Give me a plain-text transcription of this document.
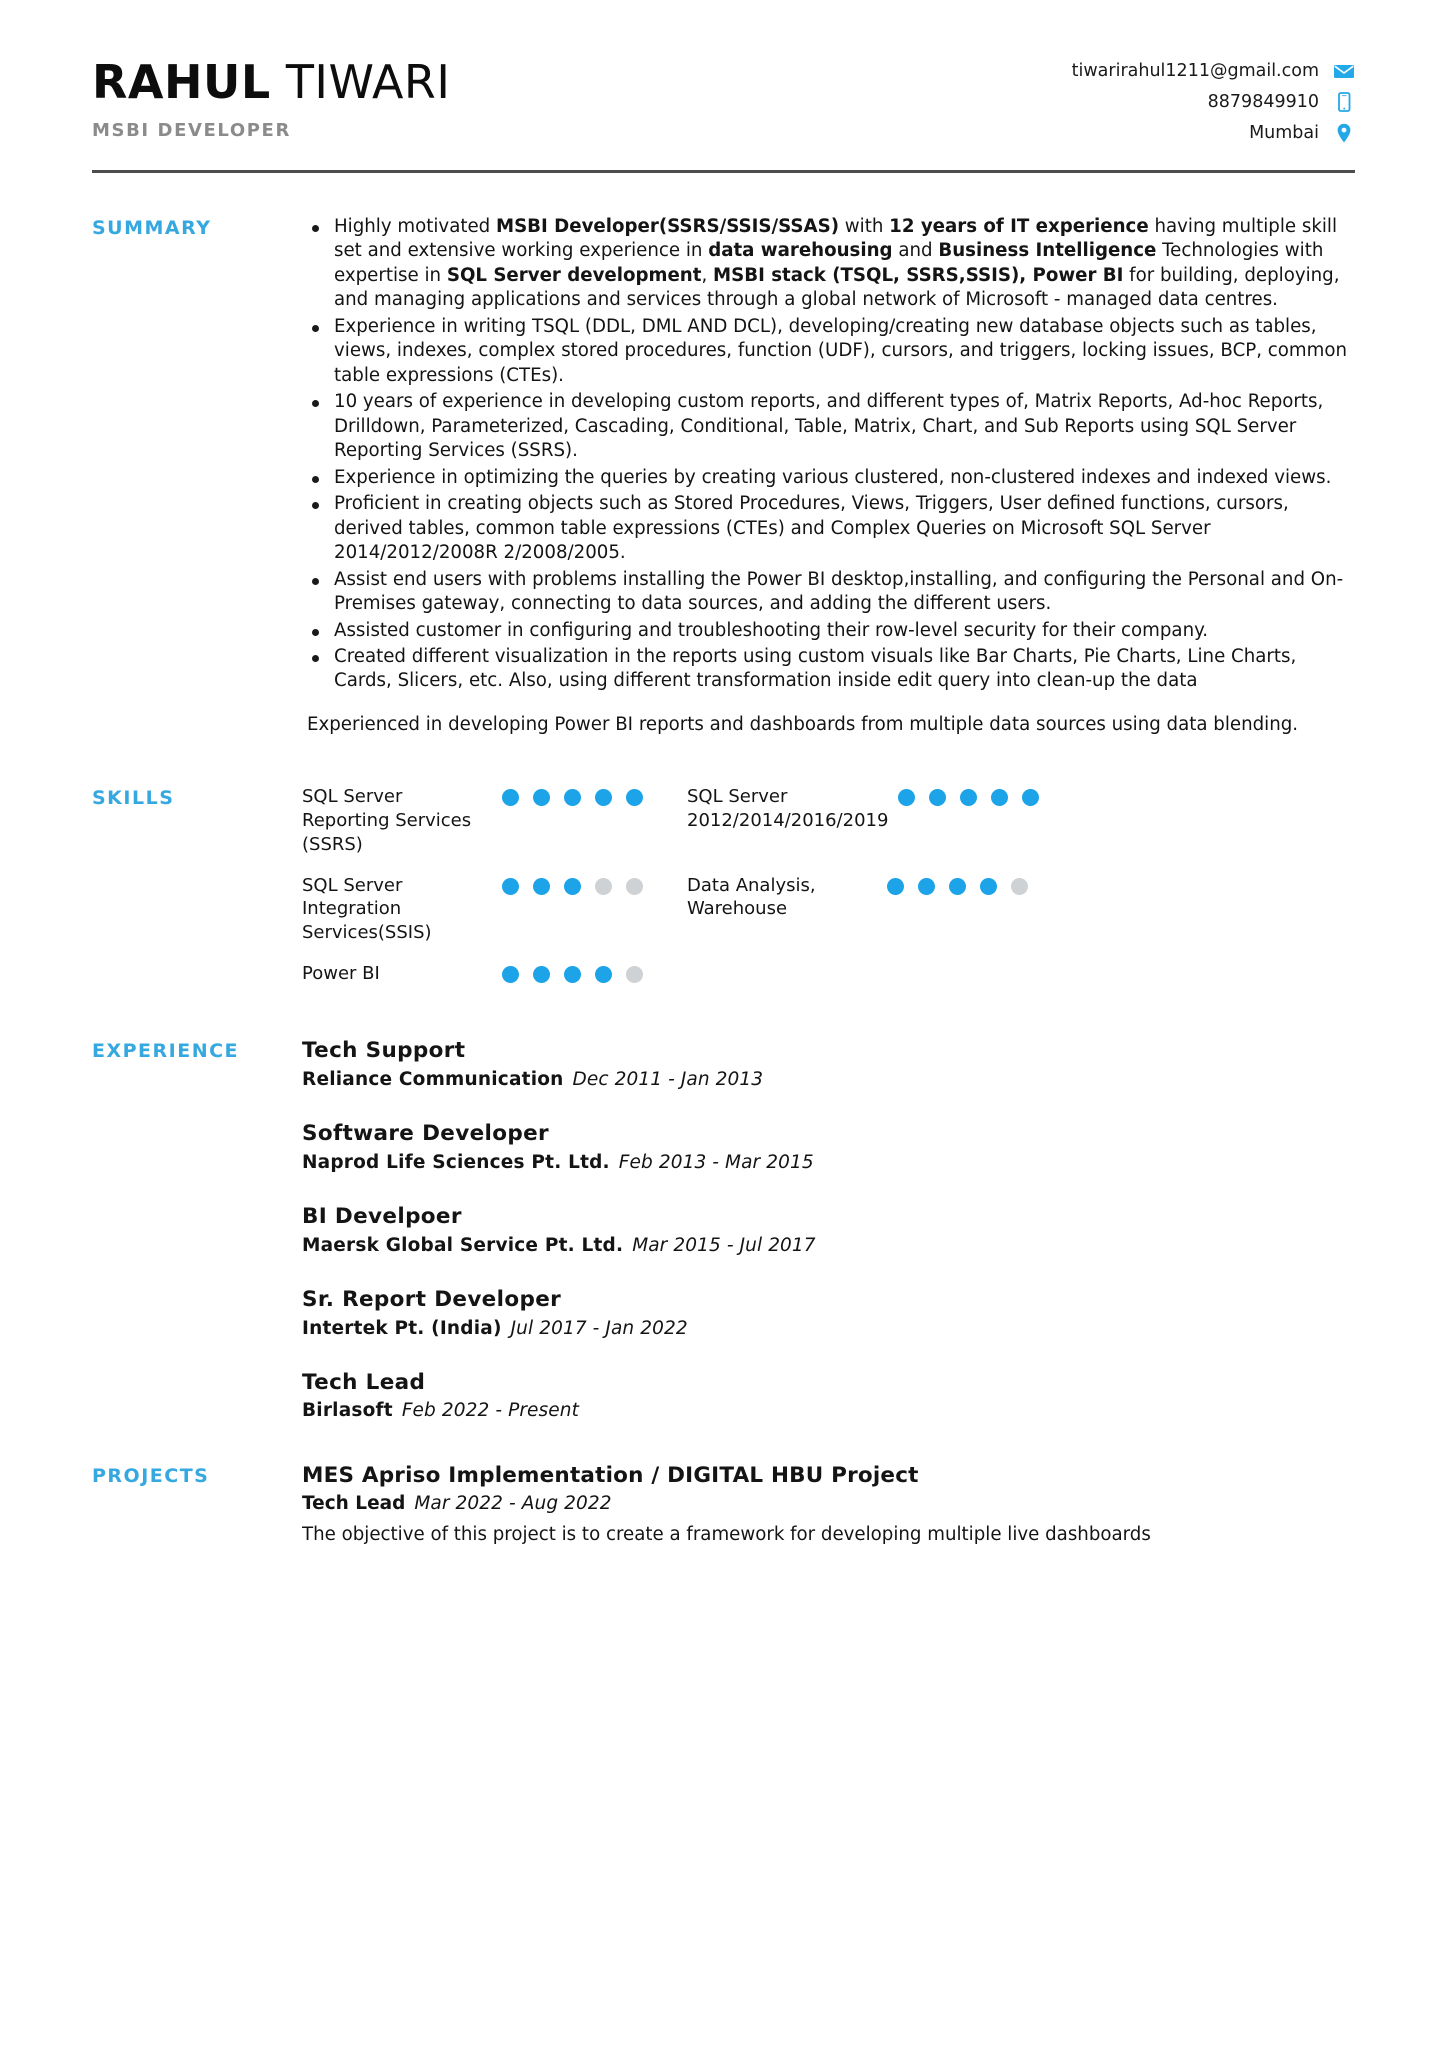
RAHUL TIWARI
MSBI DEVELOPER
tiwarirahul1211@gmail.com
8879849910
Mumbai
SUMMARY	Highly motivated MSBI Developer(SSRS/SSIS/SSAS) with 12 years of IT experience having multiple skill set and extensive working experience in data warehousing and Business Intelligence Technologies with expertise in SQL Server development, MSBI stack (TSQL, SSRS,SSIS), Power BI for building, deploying, and managing applications and services through a global network of Microsoft - managed data centres.
Experience in writing TSQL (DDL, DML AND DCL), developing/creating new database objects such as tables, views, indexes, complex stored procedures, function (UDF), cursors, and triggers, locking issues, BCP, common table expressions (CTEs).
10 years of experience in developing custom reports, and different types of, Matrix Reports, Ad-hoc Reports, Drilldown, Parameterized, Cascading, Conditional, Table, Matrix, Chart, and Sub Reports using SQL Server Reporting Services (SSRS).
Experience in optimizing the queries by creating various clustered, non-clustered indexes and indexed views.
Proficient in creating objects such as Stored Procedures, Views, Triggers, User defined functions, cursors, derived tables, common table expressions (CTEs) and Complex Queries on Microsoft SQL Server 2014/2012/2008R 2/2008/2005.
Assist end users with problems installing the Power BI desktop,installing, and configuring the Personal and On-Premises gateway, connecting to data sources, and adding the different users.
Assisted customer in configuring and troubleshooting their row-level security for their company.
Created different visualization in the reports using custom visuals like Bar Charts, Pie Charts, Line Charts, Cards, Slicers, etc. Also, using different transformation inside edit query into clean-up the data
Experienced in developing Power BI reports and dashboards from multiple data sources using data blending.
SKILLS	SQL Server Reporting Services (SSRS)
SQL Server 2012/2014/2016/2019
SQL Server Integration Services(SSIS)
Data Analysis, Warehouse
Power BI
EXPERIENCE	Tech Support
Reliance Communication Dec 2011 - Jan 2013
Software Developer
Naprod Life Sciences Pt. Ltd. Feb 2013 - Mar 2015
BI Develpoer
Maersk Global Service Pt. Ltd. Mar 2015 - Jul 2017
Sr. Report Developer
Intertek Pt. (India) Jul 2017 - Jan 2022
Tech Lead
Birlasoft Feb 2022 - Present
PROJECTS	MES Apriso Implementation / DIGITAL HBU Project
Tech Lead Mar 2022 - Aug 2022
The objective of this project is to create a framework for developing multiple live dashboards
